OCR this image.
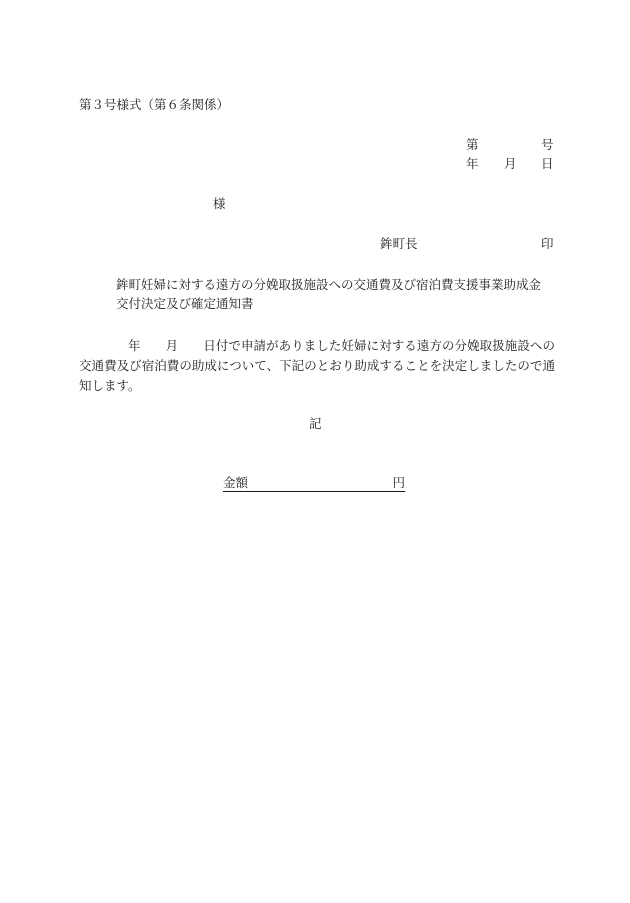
第３号様式（第６条関係）
第	号
年 月 日
様
鉾町長	印
鉾町妊婦に対する遠方の分娩取扱施設への交通費及び宿泊費支援事業助成金
交付決定及び確定通知書
年 月 日付で申請がありました妊婦に対する遠方の分娩取扱施設への交通費及び宿泊費の助成について、下記のとおり助成することを決定しましたので通知します。
記
金額	円
